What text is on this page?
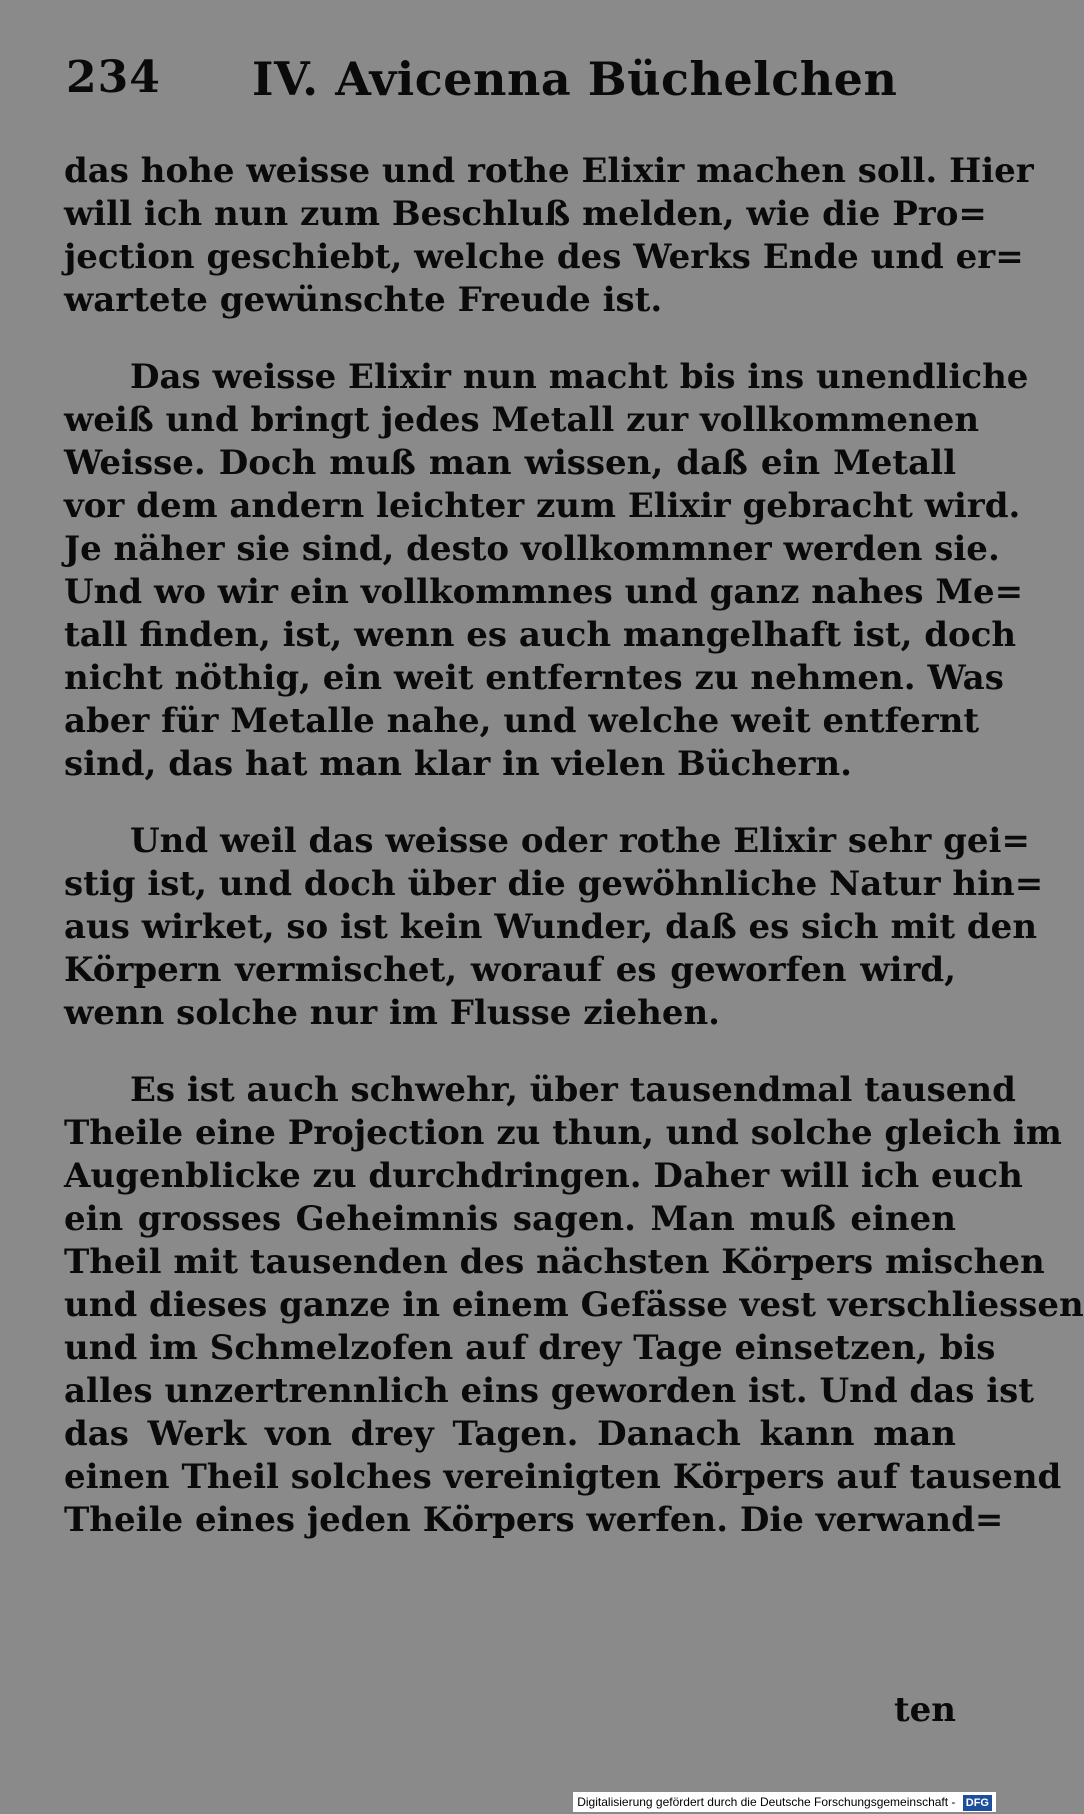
234 IV. Avicenna Büchelchen

das hohe weisse und rothe Elixir machen soll. Hier
will ich nun zum Beschluß melden, wie die Pro=
jection geschiebt, welche des Werks Ende und er=
wartete gewünschte Freude ist.

Das weisse Elixir nun macht bis ins unendliche
weiß und bringt jedes Metall zur vollkommenen
Weisse. Doch muß man wissen, daß ein Metall
vor dem andern leichter zum Elixir gebracht wird.
Je näher sie sind, desto vollkommner werden sie.
Und wo wir ein vollkommnes und ganz nahes Me=
tall finden, ist, wenn es auch mangelhaft ist, doch
nicht nöthig, ein weit entferntes zu nehmen. Was
aber für Metalle nahe, und welche weit entfernt
sind, das hat man klar in vielen Büchern.

Und weil das weisse oder rothe Elixir sehr gei=
stig ist, und doch über die gewöhnliche Natur hin=
aus wirket, so ist kein Wunder, daß es sich mit den
Körpern vermischet, worauf es geworfen wird,
wenn solche nur im Flusse ziehen.

Es ist auch schwehr, über tausendmal tausend
Theile eine Projection zu thun, und solche gleich im
Augenblicke zu durchdringen. Daher will ich euch
ein grosses Geheimnis sagen. Man muß einen
Theil mit tausenden des nächsten Körpers mischen
und dieses ganze in einem Gefässe vest verschliessen
und im Schmelzofen auf drey Tage einsetzen, bis
alles unzertrennlich eins geworden ist. Und das ist
das Werk von drey Tagen. Danach kann man
einen Theil solches vereinigten Körpers auf tausend
Theile eines jeden Körpers werfen. Die verwand=

ten
Digitalisierung gefördert durch die Deutsche Forschungsgemeinschaft - DFG
